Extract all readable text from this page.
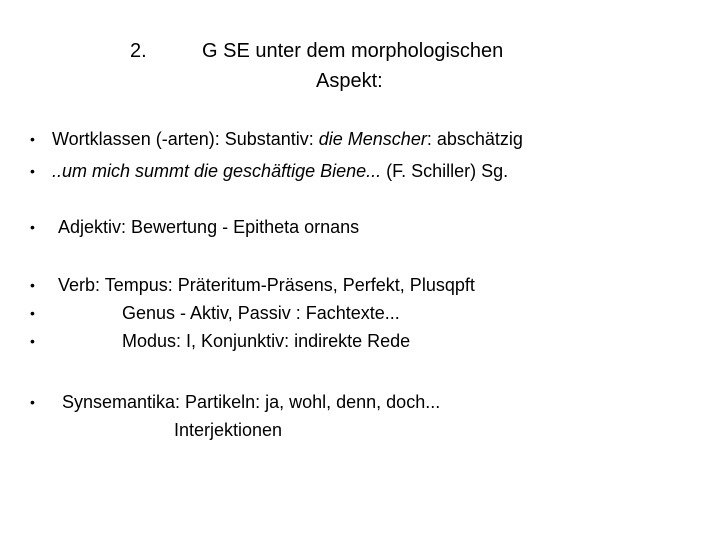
2.	G SE unter dem morphologischen
Aspekt:
• Wortklassen (-arten): Substantiv: die Menscher: abschätzig
• ..um mich summt die geschäftige Biene... (F. Schiller) Sg.
• Adjektiv: Bewertung - Epitheta ornans
• Verb: Tempus: Präteritum-Präsens, Perfekt, Plusqpft
•	Genus - Aktiv, Passiv : Fachtexte...
•	Modus: I, Konjunktiv: indirekte Rede
• Synsemantika: Partikeln: ja, wohl, denn, doch...
Interjektionen
